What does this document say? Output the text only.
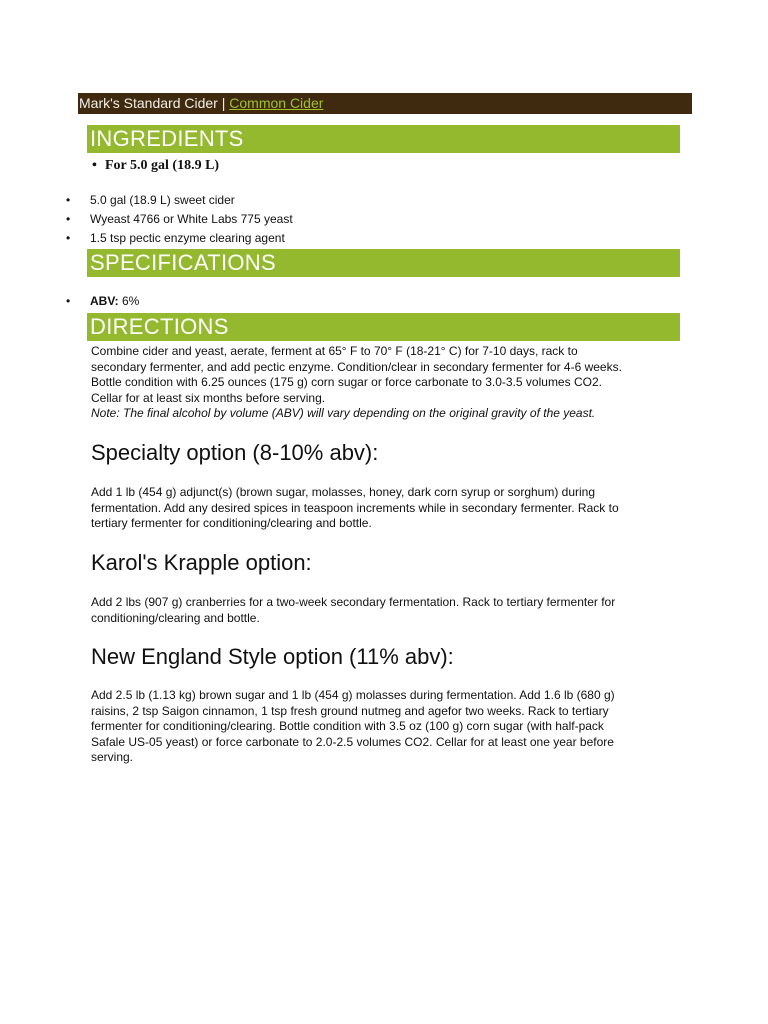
Mark's Standard Cider | Common Cider
INGREDIENTS
• For 5.0 gal (18.9 L)
• 5.0 gal (18.9 L) sweet cider
• Wyeast 4766 or White Labs 775 yeast
• 1.5 tsp pectic enzyme clearing agent
SPECIFICATIONS
• ABV: 6%
DIRECTIONS

Combine cider and yeast, aerate, ferment at 65° F to 70° F (18-21° C) for 7-10 days, rack to
secondary fermenter, and add pectic enzyme. Condition/clear in secondary fermenter for 4-6 weeks.
Bottle condition with 6.25 ounces (175 g) corn sugar or force carbonate to 3.0-3.5 volumes CO2.
Cellar for at least six months before serving.
Note: The final alcohol by volume (ABV) will vary depending on the original gravity of the yeast.

Specialty option (8-10% abv):

Add 1 lb (454 g) adjunct(s) (brown sugar, molasses, honey, dark corn syrup or sorghum) during
fermentation. Add any desired spices in teaspoon increments while in secondary fermenter. Rack to
tertiary fermenter for conditioning/clearing and bottle.

Karol's Krapple option:

Add 2 lbs (907 g) cranberries for a two-week secondary fermentation. Rack to tertiary fermenter for
conditioning/clearing and bottle.

New England Style option (11% abv):

Add 2.5 lb (1.13 kg) brown sugar and 1 lb (454 g) molasses during fermentation. Add 1.6 lb (680 g)
raisins, 2 tsp Saigon cinnamon, 1 tsp fresh ground nutmeg and agefor two weeks. Rack to tertiary
fermenter for conditioning/clearing. Bottle condition with 3.5 oz (100 g) corn sugar (with half-pack
Safale US-05 yeast) or force carbonate to 2.0-2.5 volumes CO2. Cellar for at least one year before
serving.
